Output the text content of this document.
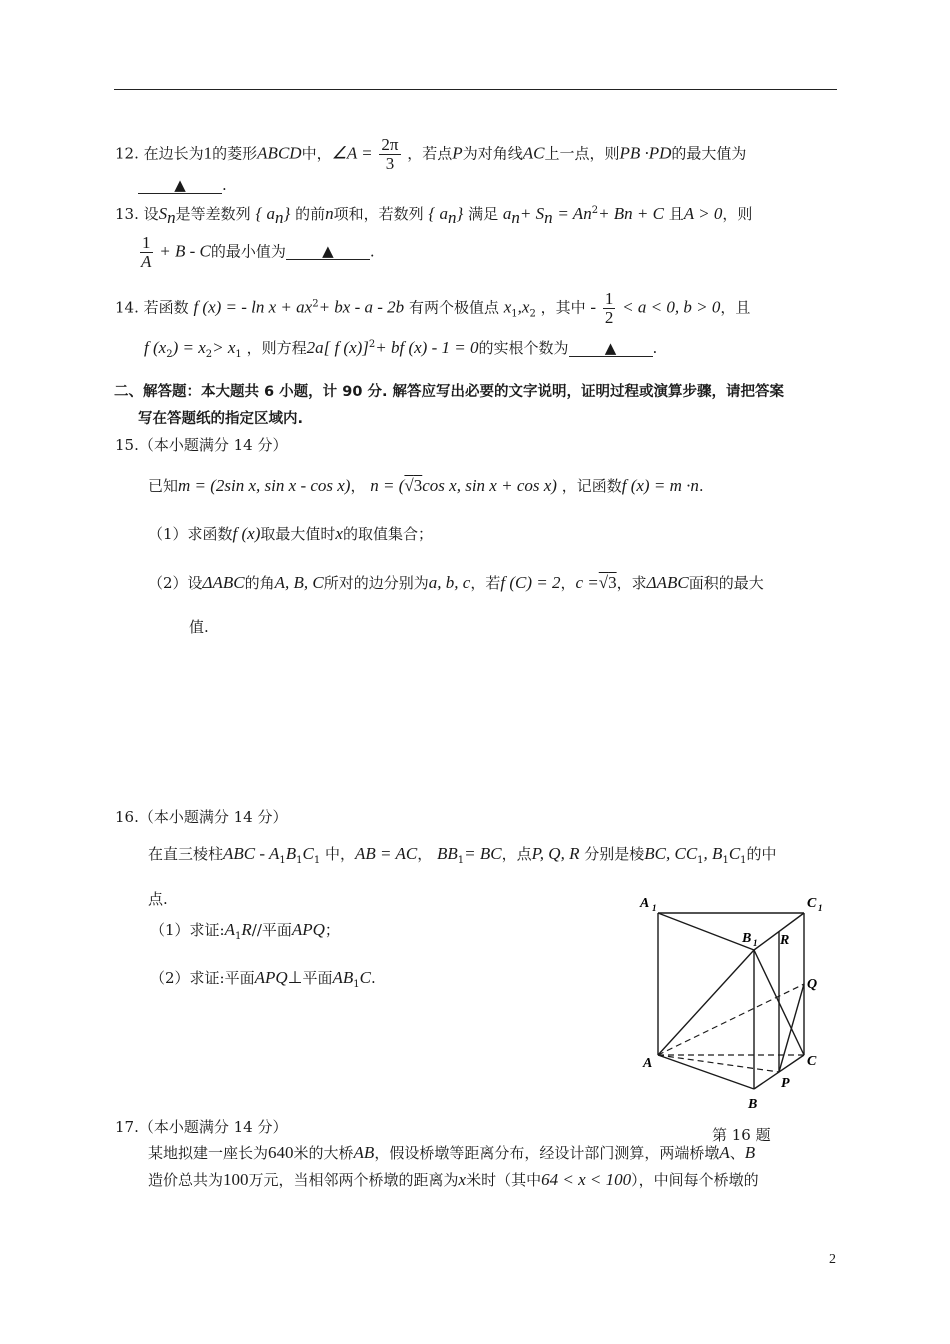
12. 在边长为1的菱形ABCD中，∠A = $\frac{2\pi}{3}$ ，若点P为对角线AC上一点，则PB ·PD的最大值为
▲ .
13. 设$S_n$是等差数列 { $a_n$} 的前n项和，若数列 { $a_n$} 满足 $a_n+ S_n = An^2+ Bn + C$ 且A > 0，则
$\frac{1}{A} + B - C$的最小值为 ▲ .
14. 若函数 f (x) = - $\ln x + ax^2+$ bx - a - 2b 有两个极值点 $x_1,x_2$ ，其中 - $\frac{1}{2} < a < 0$, b > 0，且
f $(x_2) = x_2> x_1$ ，则方程2a[ f (x)]$^2$+ bf (x) - 1 = 0的实根个数为 ▲ .
二、解答题：本大题共 6 小题，计 90 分. 解答应写出必要的文字说明，证明过程或演算步骤，请把答案
写在答题纸的指定区域内.
15.（本小题满分 14 分）
已知m = (2sin x, sin x - cos x)， n = (√3cos x, sin x + cos x) ，记函数f (x) = m ·n.
（1）求函数f (x)取最大值时x的取值集合；
（2）设ΔABC的角A, B, C所对的边分别为a, b, c，若f (C) = 2，c =√3，求ΔABC面积的最大
值.
16.（本小题满分 14 分）
在直三棱柱ABC - $A_1B_1C_1$ 中，AB = AC， $BB_1=$ BC，点P, Q, R 分别是棱BC, $CC_1$, $B_1C_1$的中
点.
（1）求证$:A_1R//$平面APQ；
（2）求证:平面APQ⊥平面$AB_1C$.
A 1	C 1
B 1 R
Q
A	C
P
B
第 16 题
17.（本小题满分 14 分）
某地拟建一座长为640米的大桥AB，假设桥墩等距离分布，经设计部门测算，两端桥墩A、B
造价总共为100万元，当相邻两个桥墩的距离为x米时（其中64 < x < 100），中间每个桥墩的
2
